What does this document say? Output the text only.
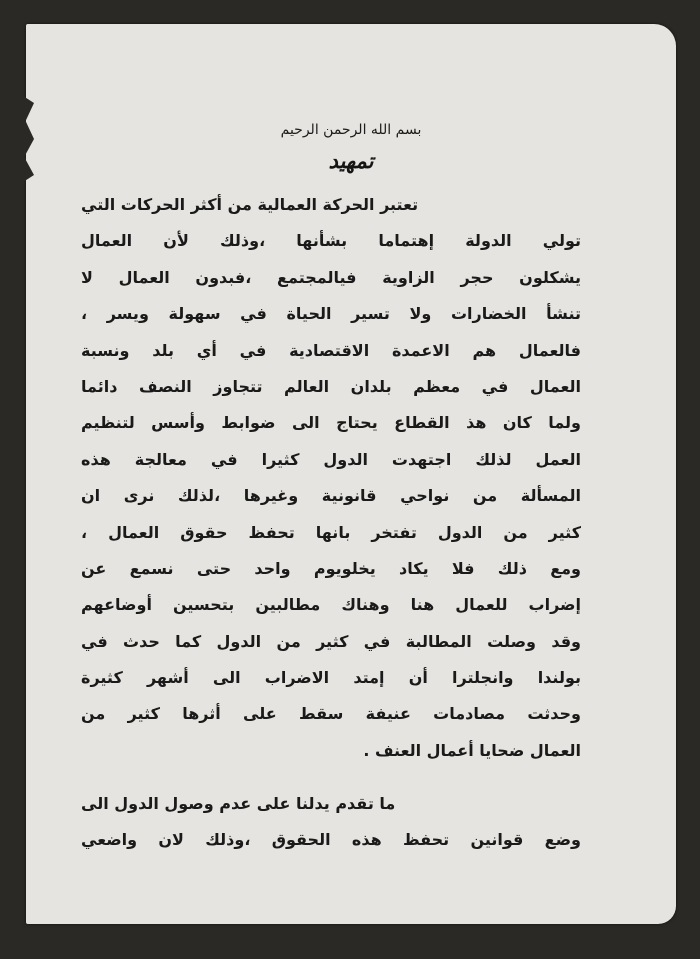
بسم الله الرحمن الرحيم
تمهيد
تعتبر الحركة العمالية من أكثر الحركات التي
تولي الدولة إهتماما بشأنها ،وذلك لأن العمال
يشكلون حجر الزاوية فيالمجتمع ،فبدون العمال لا
تنشأ الخضارات ولا تسير الحياة في سهولة ويسر ،
فالعمال هم الاعمدة الاقتصادية في أي بلد ونسبة
العمال في معظم بلدان العالم تتجاوز النصف دائما
ولما كان هذ القطاع يحتاج الى ضوابط وأسس لتنظيم
العمل لذلك اجتهدت الدول كثيرا في معالجة هذه
المسألة من نواحي قانونية وغيرها ،لذلك نرى ان
كثير من الدول تفتخر بانها تحفظ حقوق العمال ،
ومع ذلك فلا يكاد يخلويوم واحد حتى نسمع عن
إضراب للعمال هنا وهناك مطالبين بتحسين أوضاعهم
وقد وصلت المطالبة في كثير من الدول كما حدث في
بولندا وانجلترا أن إمتد الاضراب الى أشهر كثيرة
وحدثت مصادمات عنيفة سقط على أثرها كثير من
العمال ضحايا أعمال العنف .
ما تقدم يدلنا على عدم وصول الدول الى
وضع قوانين تحفظ هذه الحقوق ،وذلك لان واضعي
